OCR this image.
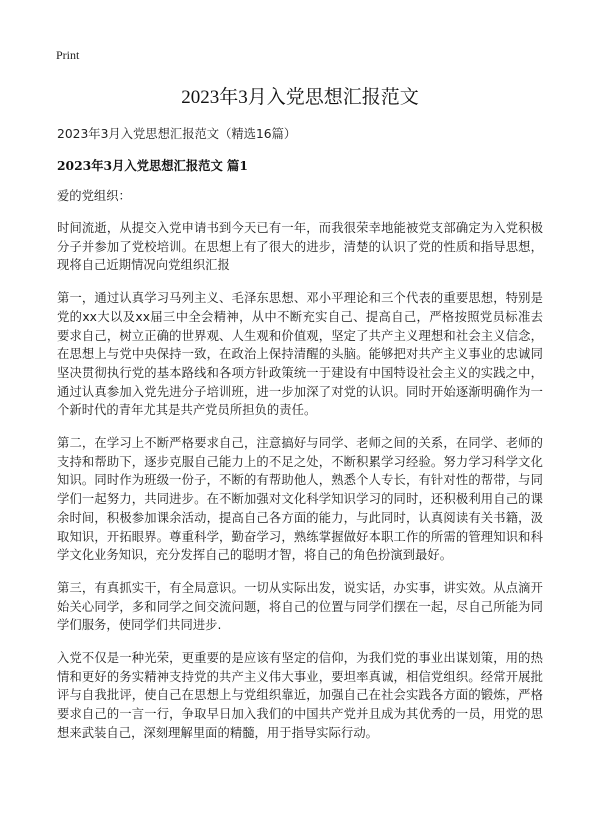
Print
2023年3月入党思想汇报范文
2023年3月入党思想汇报范文（精选16篇）
2023年3月入党思想汇报范文 篇1
爱的党组织：

时间流逝，从提交入党申请书到今天已有一年，而我很荣幸地能被党支部确定为入党积极分子并参加了党校培训。在思想上有了很大的进步，清楚的认识了党的性质和指导思想，现将自己近期情况向党组织汇报

第一，通过认真学习马列主义、毛泽东思想、邓小平理论和三个代表的重要思想，特别是党的xx大以及xx届三中全会精神，从中不断充实自己、提高自己，严格按照党员标准去要求自己，树立正确的世界观、人生观和价值观，坚定了共产主义理想和社会主义信念，在思想上与党中央保持一致，在政治上保持清醒的头脑。能够把对共产主义事业的忠诚同坚决贯彻执行党的基本路线和各项方针政策统一于建设有中国特设社会主义的实践之中，通过认真参加入党先进分子培训班，进一步加深了对党的认识。同时开始逐渐明确作为一个新时代的青年尤其是共产党员所担负的责任。

第二，在学习上不断严格要求自己，注意搞好与同学、老师之间的关系，在同学、老师的支持和帮助下，逐步克服自己能力上的不足之处，不断积累学习经验。努力学习科学文化知识。同时作为班级一份子，不断的有帮助他人，熟悉个人专长，有针对性的帮带，与同学们一起努力，共同进步。在不断加强对文化科学知识学习的同时，还积极利用自己的课余时间，积极参加课余活动，提高自己各方面的能力，与此同时，认真阅读有关书籍，汲取知识，开拓眼界。尊重科学，勤奋学习，熟练掌握做好本职工作的所需的管理知识和科学文化业务知识，充分发挥自己的聪明才智，将自己的角色扮演到最好。

第三，有真抓实干，有全局意识。一切从实际出发，说实话，办实事，讲实效。从点滴开始关心同学，多和同学之间交流问题，将自己的位置与同学们摆在一起，尽自己所能为同学们服务，使同学们共同进步.

入党不仅是一种光荣，更重要的是应该有坚定的信仰，为我们党的事业出谋划策，用的热情和更好的务实精神支持党的共产主义伟大事业，要坦率真诚，相信党组织。经常开展批评与自我批评，使自己在思想上与党组织靠近，加强自己在社会实践各方面的锻炼，严格要求自己的一言一行，争取早日加入我们的中国共产党并且成为其优秀的一员，用党的思想来武装自己，深刻理解里面的精髓，用于指导实际行动。
